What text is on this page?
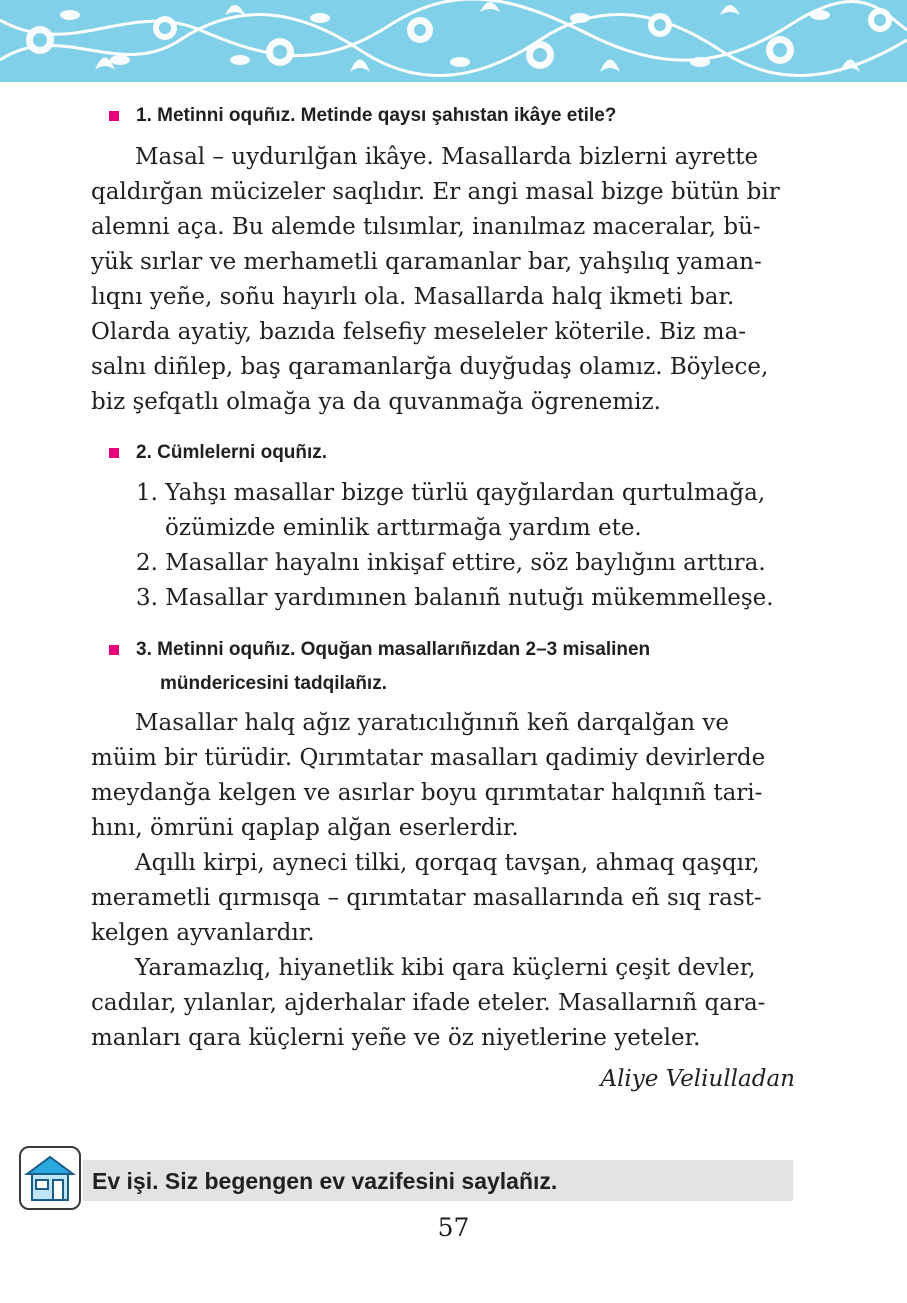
1. Metinni oquñız. Metinde qaysı şahıstan ikâye etile?

Masal – uydurılğan ikâye. Masallarda bizlerni ayrette
qaldırğan mücizeler saqlıdır. Er angi masal bizge bütün bir
alemni aça. Bu alemde tılsımlar, inanılmaz maceralar, bü-
yük sırlar ve merhametli qaramanlar bar, yahşılıq yaman-
lıqnı yeñe, soñu hayırlı ola. Masallarda halq ikmeti bar.
Olarda ayatiy, bazıda felsefiy meseleler köterile. Biz ma-
salnı diñlep, baş qaramanlarğa duyğudaş olamız. Böylece,
biz şefqatlı olmağa ya da quvanmağa ögrenemiz.

2. Cümlelerni oquñız.
1. Yahşı masallar bizge türlü qayğılardan qurtulmağa,
özümizde eminlik arttırmağa yardım ete.
2. Masallar hayalnı inkişaf ettire, söz baylığını arttıra.
3. Masallar yardımınen balanıñ nutuğı mükemmelleşe.
3. Metinni oquñız. Oquğan masallarıñızdan 2–3 misalinen
mündericesini tadqilañız.
Masallar halq ağız yaratıcılığınıñ keñ darqalğan ve
müim bir türüdir. Qırımtatar masalları qadimiy devirlerde
meydanğa kelgen ve asırlar boyu qırımtatar halqınıñ tari-
hını, ömrüni qaplap alğan eserlerdir.
Aqıllı kirpi, ayneci tilki, qorqaq tavşan, ahmaq qaşqır,
merametli qırmısqa – qırımtatar masallarında eñ sıq rast-
kelgen ayvanlardır.
Yaramazlıq, hiyanetlik kibi qara küçlerni çeşit devler,
cadılar, yılanlar, ajderhalar ifade eteler. Masallarnıñ qara-
manları qara küçlerni yeñe ve öz niyetlerine yeteler.
Aliye Veliulladan
Ev işi. Siz begengen ev vazifesini saylañız.
57
